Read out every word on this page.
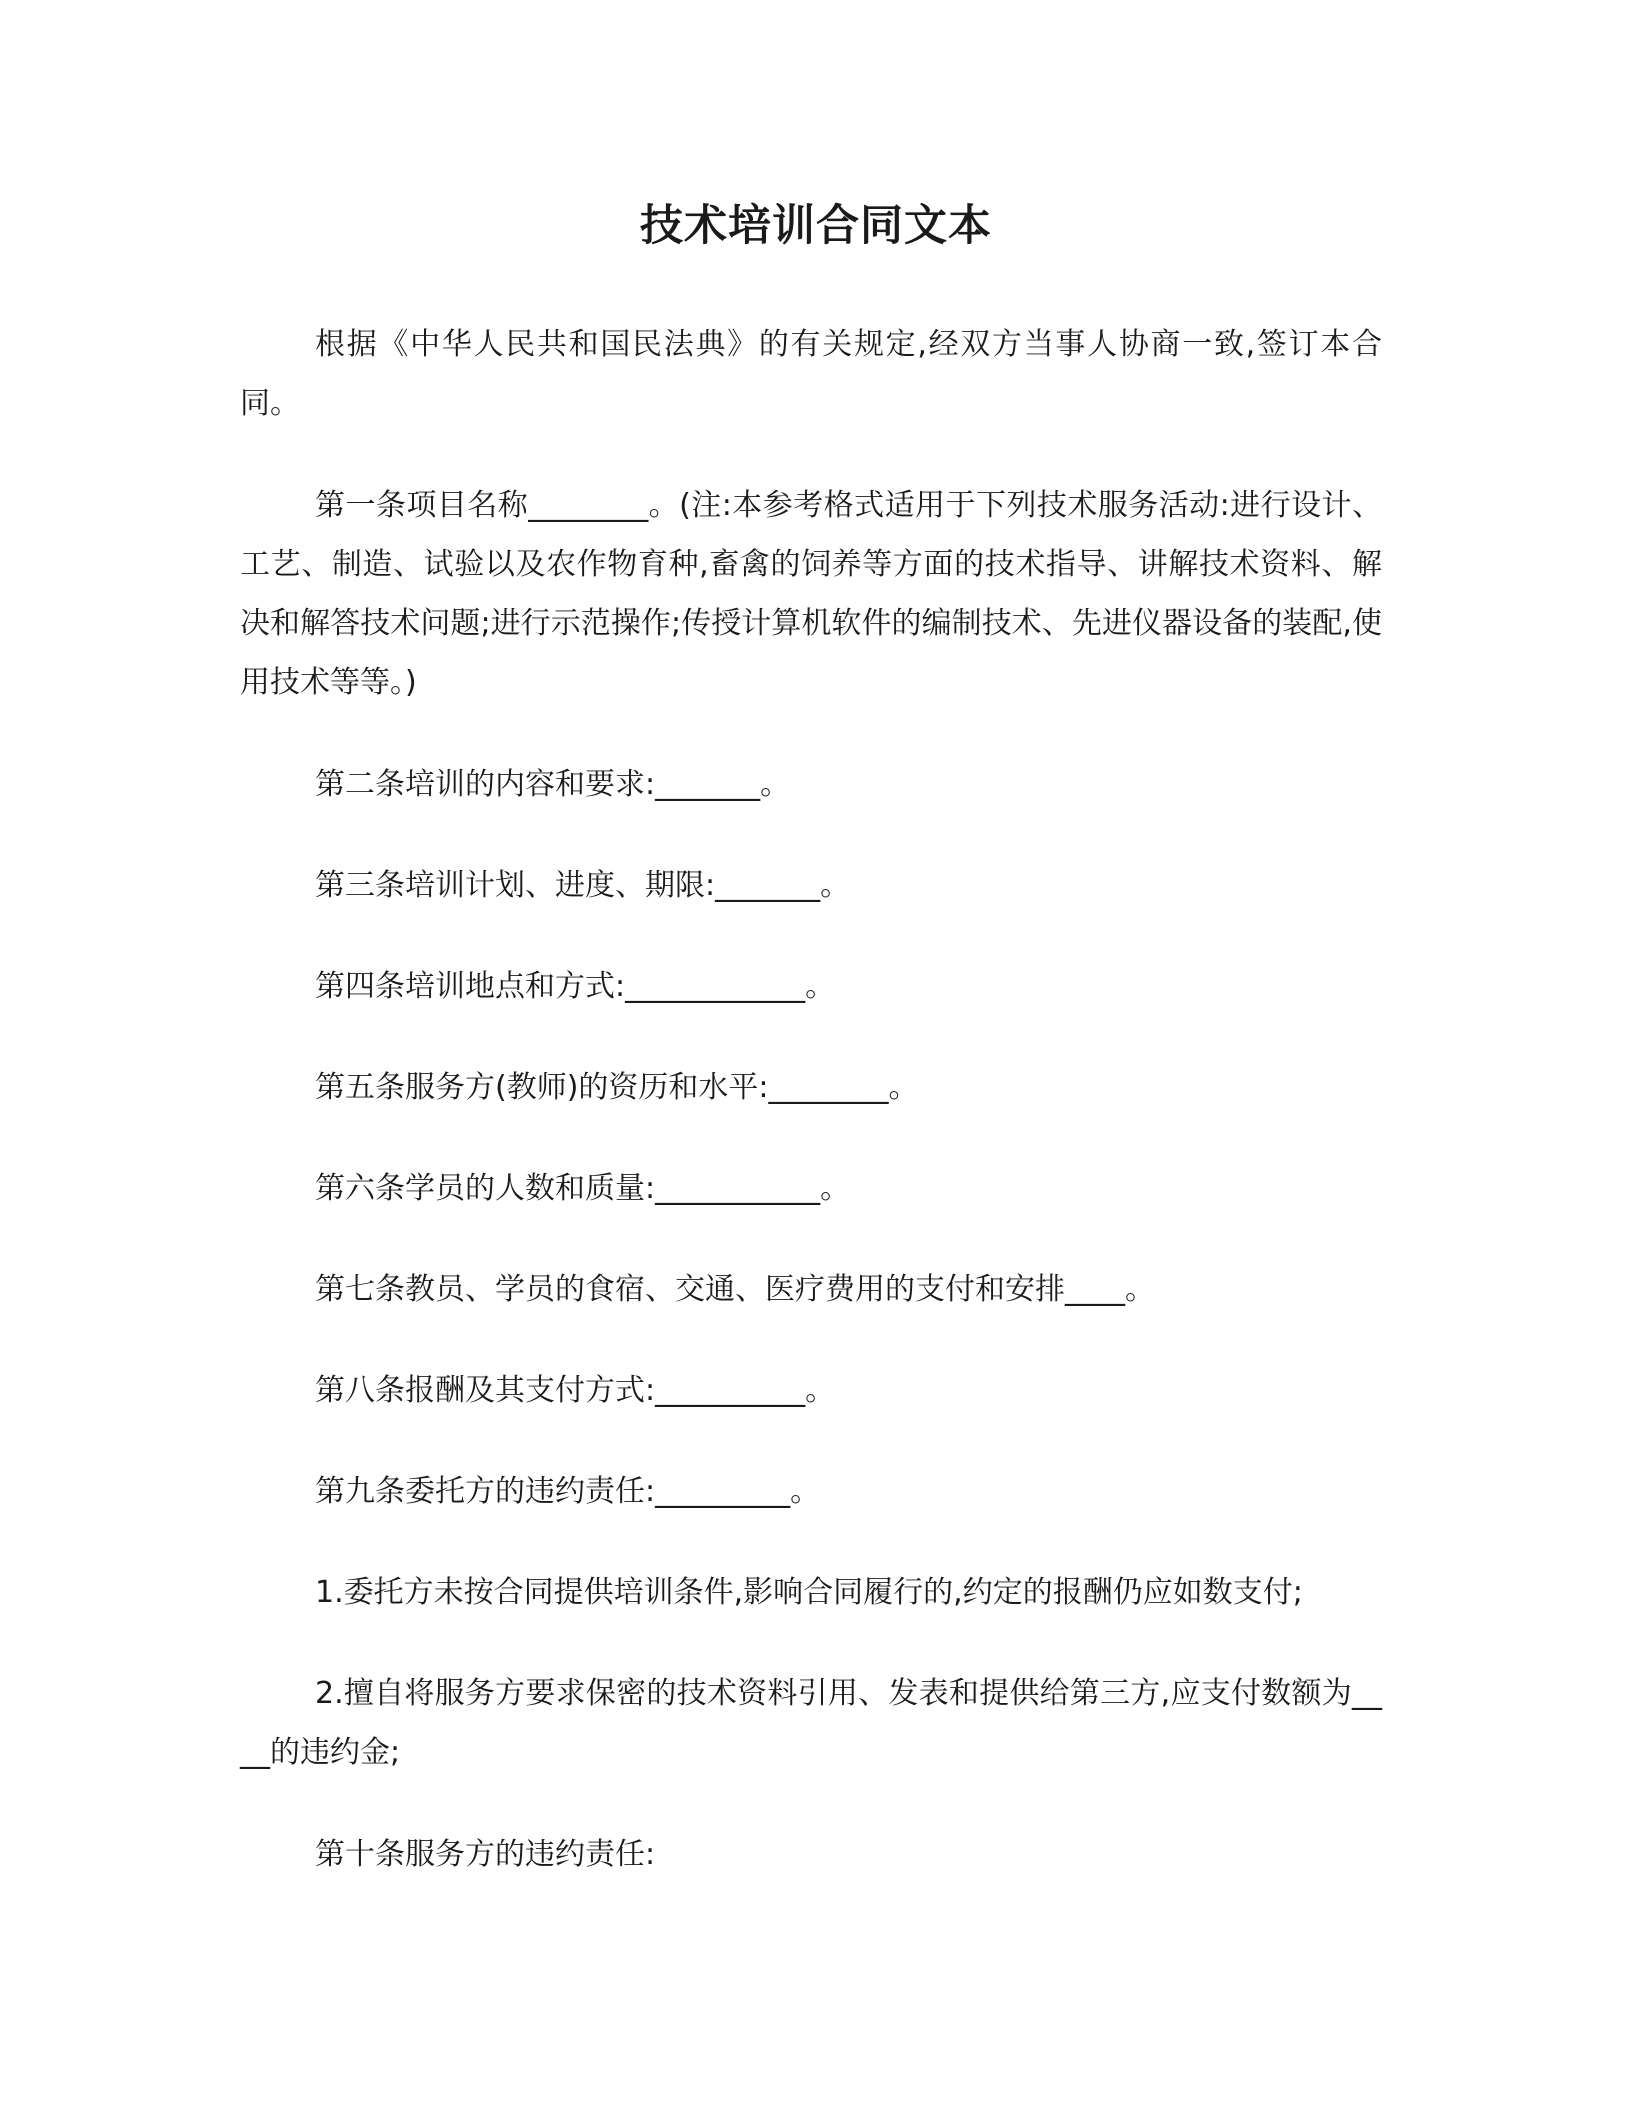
技术培训合同文本

根据《中华人民共和国民法典》的有关规定,经双方当事人协商一致,签订本合同。

第一条项目名称________。(注:本参考格式适用于下列技术服务活动:进行设计、工艺、制造、试验以及农作物育种,畜禽的饲养等方面的技术指导、讲解技术资料、解决和解答技术问题;进行示范操作;传授计算机软件的编制技术、先进仪器设备的装配,使用技术等等。)

第二条培训的内容和要求:_______。

第三条培训计划、进度、期限:_______。

第四条培训地点和方式:____________。

第五条服务方(教师)的资历和水平:________。

第六条学员的人数和质量:___________。

第七条教员、学员的食宿、交通、医疗费用的支付和安排____。

第八条报酬及其支付方式:__________。

第九条委托方的违约责任:_________。

1.委托方未按合同提供培训条件,影响合同履行的,约定的报酬仍应如数支付;

2.擅自将服务方要求保密的技术资料引用、发表和提供给第三方,应支付数额为____的违约金;

第十条服务方的违约责任:
